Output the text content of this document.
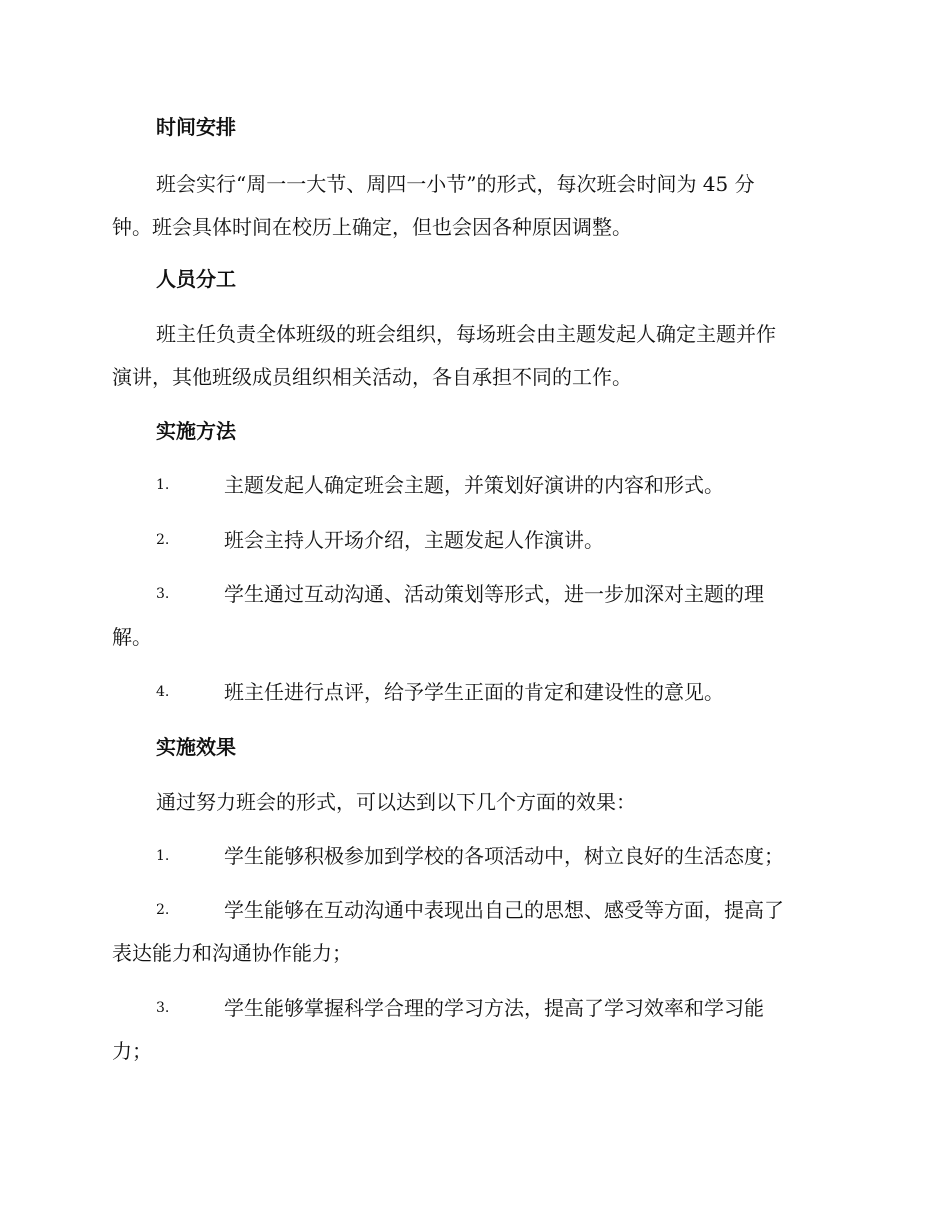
时间安排
班会实行“周一一大节、周四一小节”的形式，每次班会时间为 45 分
钟。班会具体时间在校历上确定，但也会因各种原因调整。
人员分工
班主任负责全体班级的班会组织，每场班会由主题发起人确定主题并作
演讲，其他班级成员组织相关活动，各自承担不同的工作。
实施方法
1.	主题发起人确定班会主题，并策划好演讲的内容和形式。
2.	班会主持人开场介绍，主题发起人作演讲。
3.	学生通过互动沟通、活动策划等形式，进一步加深对主题的理
解。
4.	班主任进行点评，给予学生正面的肯定和建设性的意见。
实施效果
通过努力班会的形式，可以达到以下几个方面的效果：
1.	学生能够积极参加到学校的各项活动中，树立良好的生活态度；
2.	学生能够在互动沟通中表现出自己的思想、感受等方面，提高了
表达能力和沟通协作能力；
3.	学生能够掌握科学合理的学习方法，提高了学习效率和学习能
力；
